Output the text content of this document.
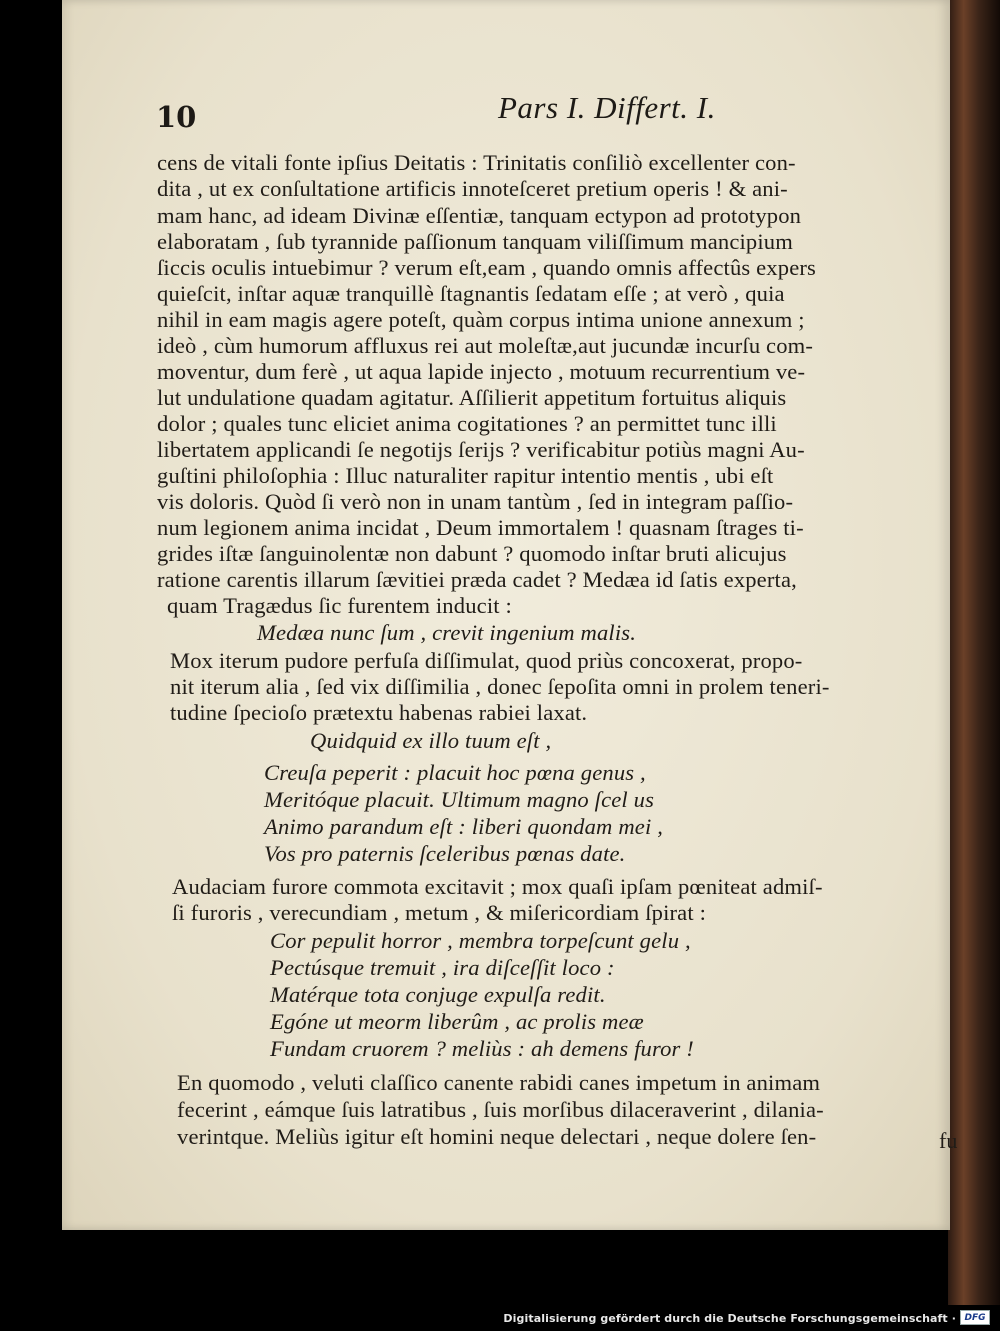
10	Pars I. Differt. I.
cens de vitali fonte ipſius Deitatis : Trinitatis conſiliò excellenter con-
dita , ut ex conſultatione artificis innoteſceret pretium operis ! & ani-
mam hanc, ad ideam Divinæ eſſentiæ, tanquam ectypon ad prototypon
elaboratam , ſub tyrannide paſſionum tanquam viliſſimum mancipium
ſiccis oculis intuebimur ? verum eſt,eam , quando omnis affectûs expers
quieſcit, inſtar aquæ tranquillè ſtagnantis ſedatam eſſe ; at verò , quia
nihil in eam magis agere poteſt, quàm corpus intima unione annexum ;
ideò , cùm humorum affluxus rei aut moleſtæ,aut jucundæ incurſu com-
moventur, dum ferè , ut aqua lapide injecto , motuum recurrentium ve-
lut undulatione quadam agitatur. Aſſilierit appetitum fortuitus aliquis
dolor ; quales tunc eliciet anima cogitationes ? an permittet tunc illi
libertatem applicandi ſe negotijs ſerijs ? verificabitur potiùs magni Au-
guſtini philoſophia : Illuc naturaliter rapitur intentio mentis , ubi eſt
vis doloris. Quòd ſi verò non in unam tantùm , ſed in integram paſſio-
num legionem anima incidat , Deum immortalem ! quasnam ſtrages ti-
grides iſtæ ſanguinolentæ non dabunt ? quomodo inſtar bruti alicujus
ratione carentis illarum ſævitiei præda cadet ? Medæa id ſatis experta,
quam Tragædus ſic furentem inducit :
Medæa nunc ſum , crevit ingenium malis.
Mox iterum pudore perfuſa diſſimulat, quod priùs concoxerat, propo-
nit iterum alia , ſed vix diſſimilia , donec ſepoſita omni in prolem teneri-
tudine ſpecioſo prætextu habenas rabiei laxat.
Quidquid ex illo tuum eſt ,
Creuſa peperit : placuit hoc pœna genus ,
Meritóque placuit. Ultimum magno ſcel us
Animo parandum eſt : liberi quondam mei ,
Vos pro paternis ſceleribus pœnas date.
Audaciam furore commota excitavit ; mox quaſi ipſam pœniteat admiſ-
ſi furoris , verecundiam , metum , & miſericordiam ſpirat :
Cor pepulit horror , membra torpeſcunt gelu ,
Pectúsque tremuit , ira diſceſſit loco :
Matérque tota conjuge expulſa redit.
Egóne ut meorm liberûm , ac prolis meæ
Fundam cruorem ? meliùs : ah demens furor !
En quomodo , veluti claſſico canente rabidi canes impetum in animam
fecerint , eámque ſuis latratibus , ſuis morſibus dilaceraverint , dilania-
verintque. Meliùs igitur eſt homini neque delectari , neque dolere ſen-	fu
Digitalisierung gefördert durch die Deutsche Forschungsgemeinschaft · DFG
